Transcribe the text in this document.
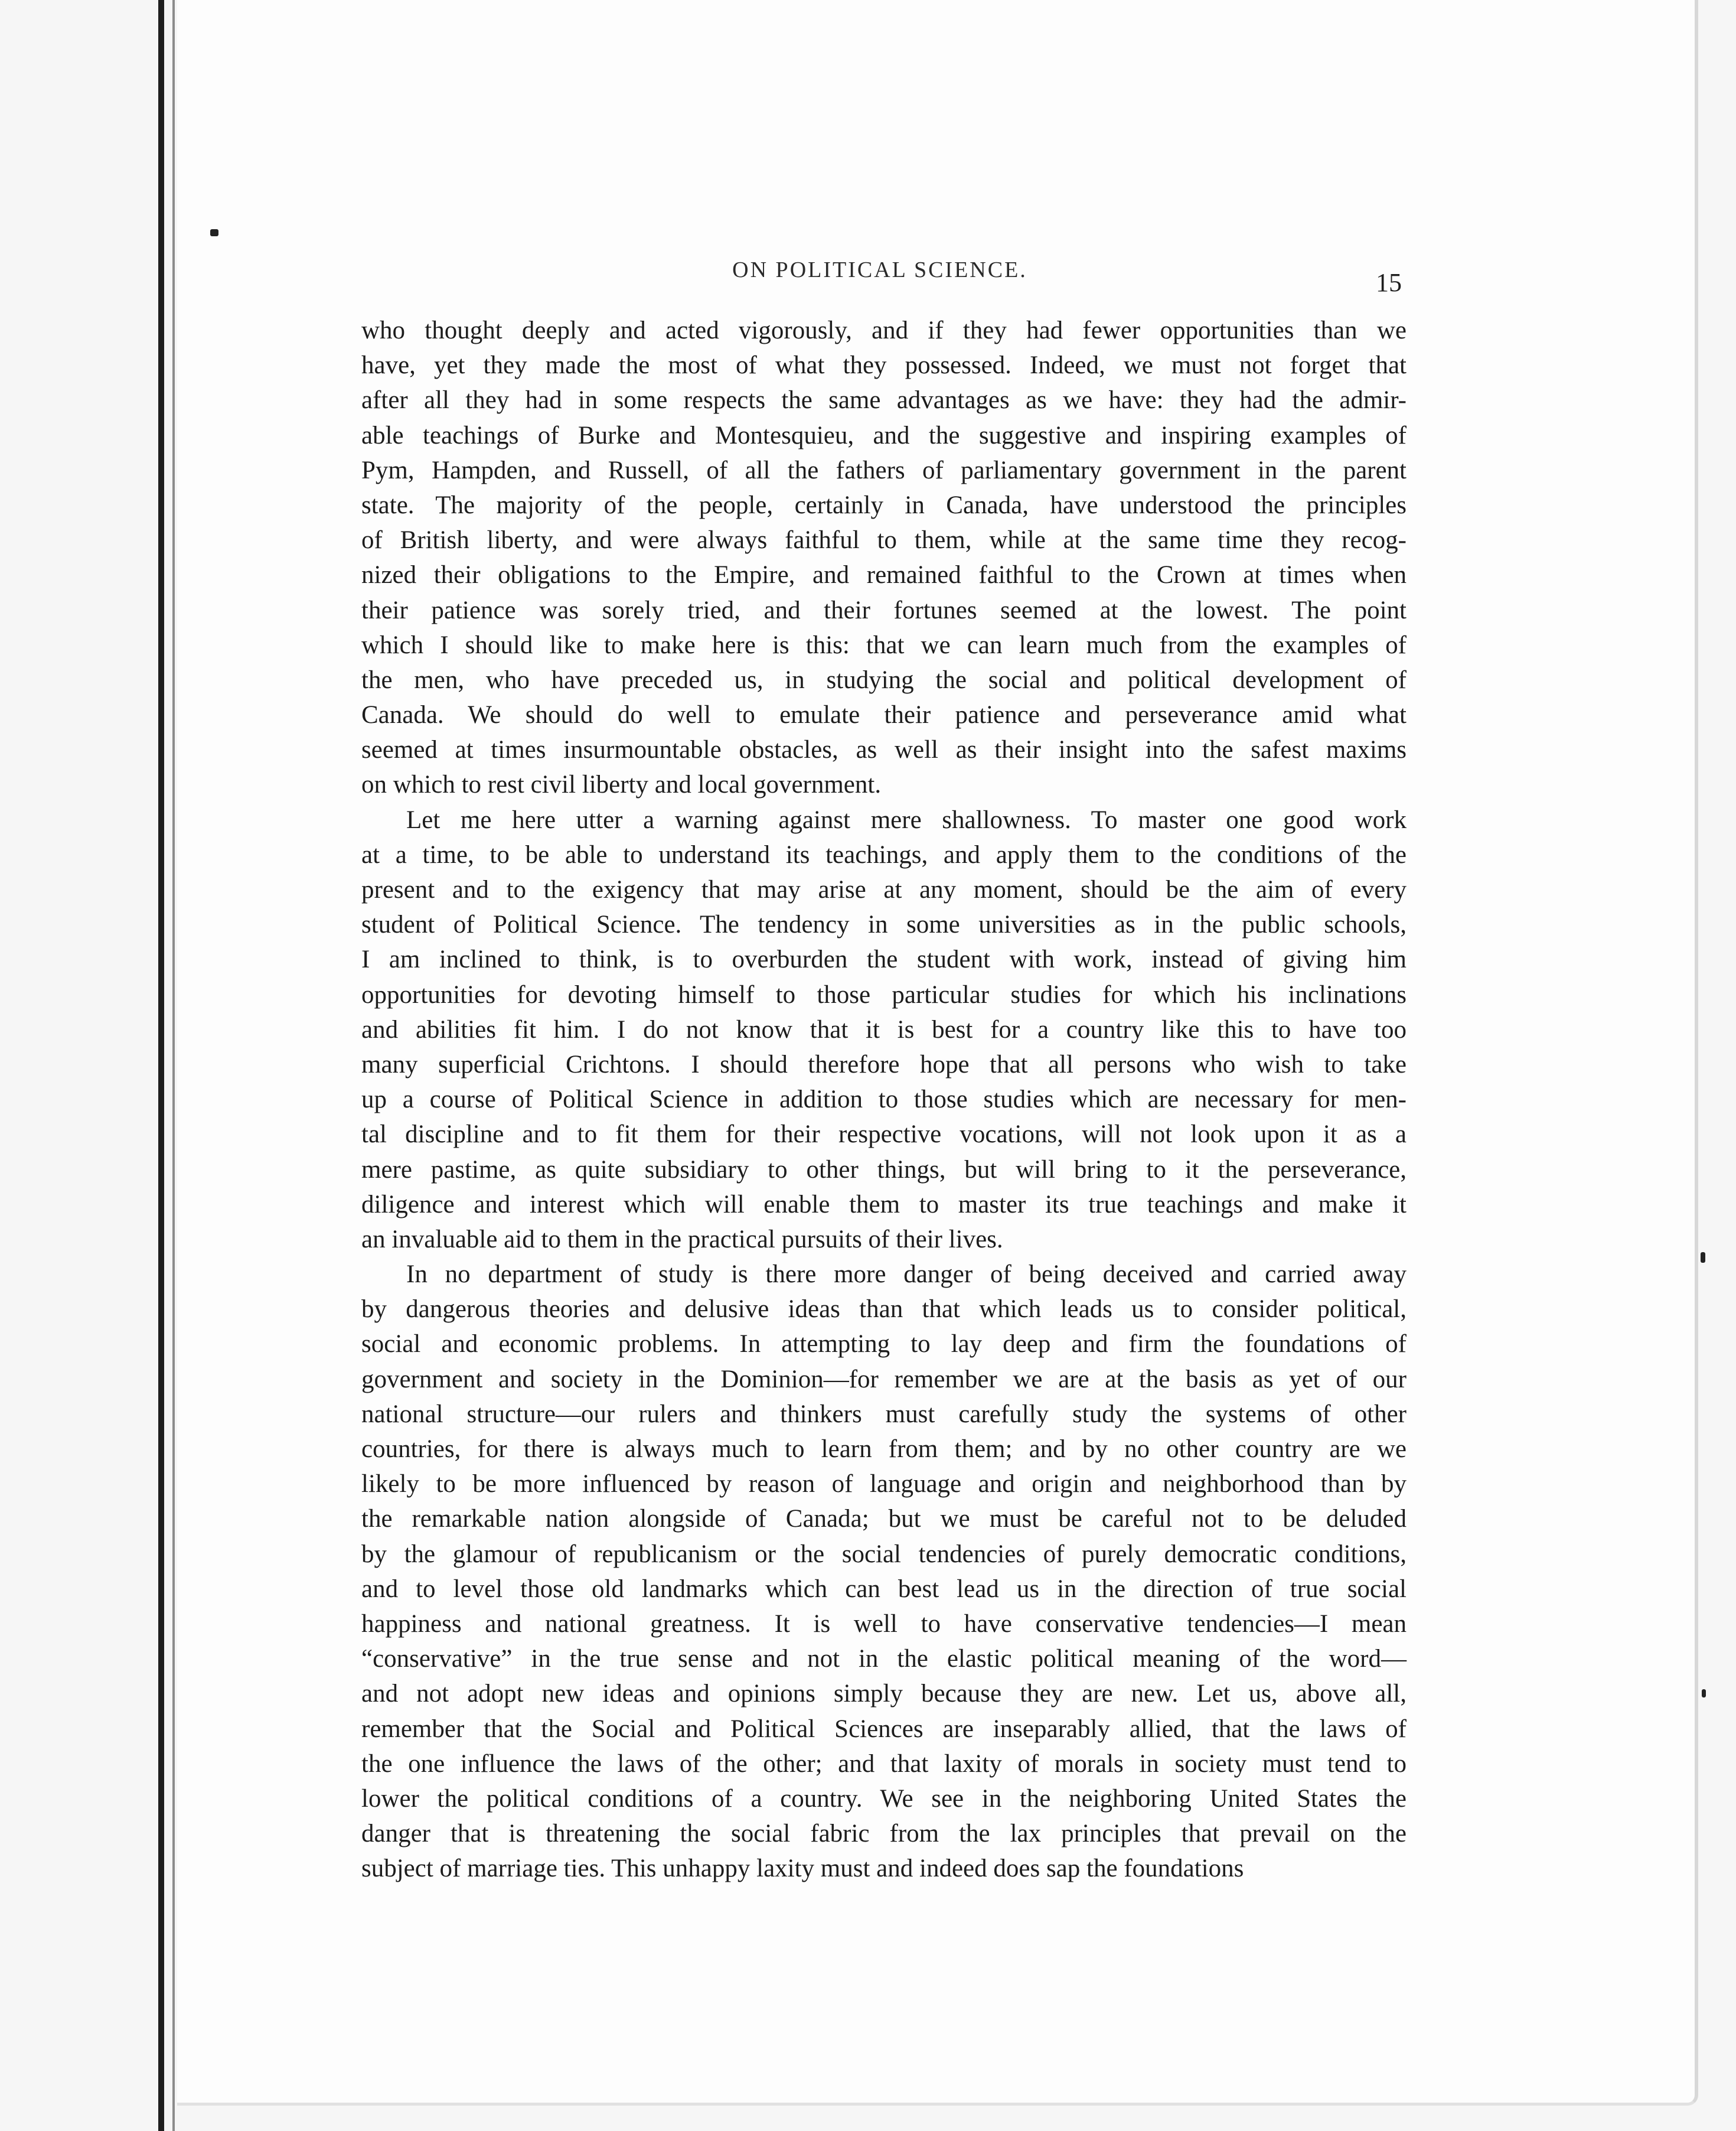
ON POLITICAL SCIENCE.	15
who thought deeply and acted vigorously, and if they had fewer opportunities than we
have, yet they made the most of what they possessed. Indeed, we must not forget that
after all they had in some respects the same advantages as we have: they had the admir-
able teachings of Burke and Montesquieu, and the suggestive and inspiring examples of
Pym, Hampden, and Russell, of all the fathers of parliamentary government in the parent
state. The majority of the people, certainly in Canada, have understood the principles
of British liberty, and were always faithful to them, while at the same time they recog-
nized their obligations to the Empire, and remained faithful to the Crown at times when
their patience was sorely tried, and their fortunes seemed at the lowest. The point
which I should like to make here is this: that we can learn much from the examples of
the men, who have preceded us, in studying the social and political development of
Canada. We should do well to emulate their patience and perseverance amid what
seemed at times insurmountable obstacles, as well as their insight into the safest maxims
on which to rest civil liberty and local government.
Let me here utter a warning against mere shallowness. To master one good work
at a time, to be able to understand its teachings, and apply them to the conditions of the
present and to the exigency that may arise at any moment, should be the aim of every
student of Political Science. The tendency in some universities as in the public schools,
I am inclined to think, is to overburden the student with work, instead of giving him
opportunities for devoting himself to those particular studies for which his inclinations
and abilities fit him. I do not know that it is best for a country like this to have too
many superficial Crichtons. I should therefore hope that all persons who wish to take
up a course of Political Science in addition to those studies which are necessary for men-
tal discipline and to fit them for their respective vocations, will not look upon it as a
mere pastime, as quite subsidiary to other things, but will bring to it the perseverance,
diligence and interest which will enable them to master its true teachings and make it
an invaluable aid to them in the practical pursuits of their lives.
In no department of study is there more danger of being deceived and carried away
by dangerous theories and delusive ideas than that which leads us to consider political,
social and economic problems. In attempting to lay deep and firm the foundations of
government and society in the Dominion—for remember we are at the basis as yet of our
national structure—our rulers and thinkers must carefully study the systems of other
countries, for there is always much to learn from them; and by no other country are we
likely to be more influenced by reason of language and origin and neighborhood than by
the remarkable nation alongside of Canada; but we must be careful not to be deluded
by the glamour of republicanism or the social tendencies of purely democratic conditions,
and to level those old landmarks which can best lead us in the direction of true social
happiness and national greatness. It is well to have conservative tendencies—I mean
“conservative” in the true sense and not in the elastic political meaning of the word—
and not adopt new ideas and opinions simply because they are new. Let us, above all,
remember that the Social and Political Sciences are inseparably allied, that the laws of
the one influence the laws of the other; and that laxity of morals in society must tend to
lower the political conditions of a country. We see in the neighboring United States the
danger that is threatening the social fabric from the lax principles that prevail on the
subject of marriage ties. This unhappy laxity must and indeed does sap the foundations
